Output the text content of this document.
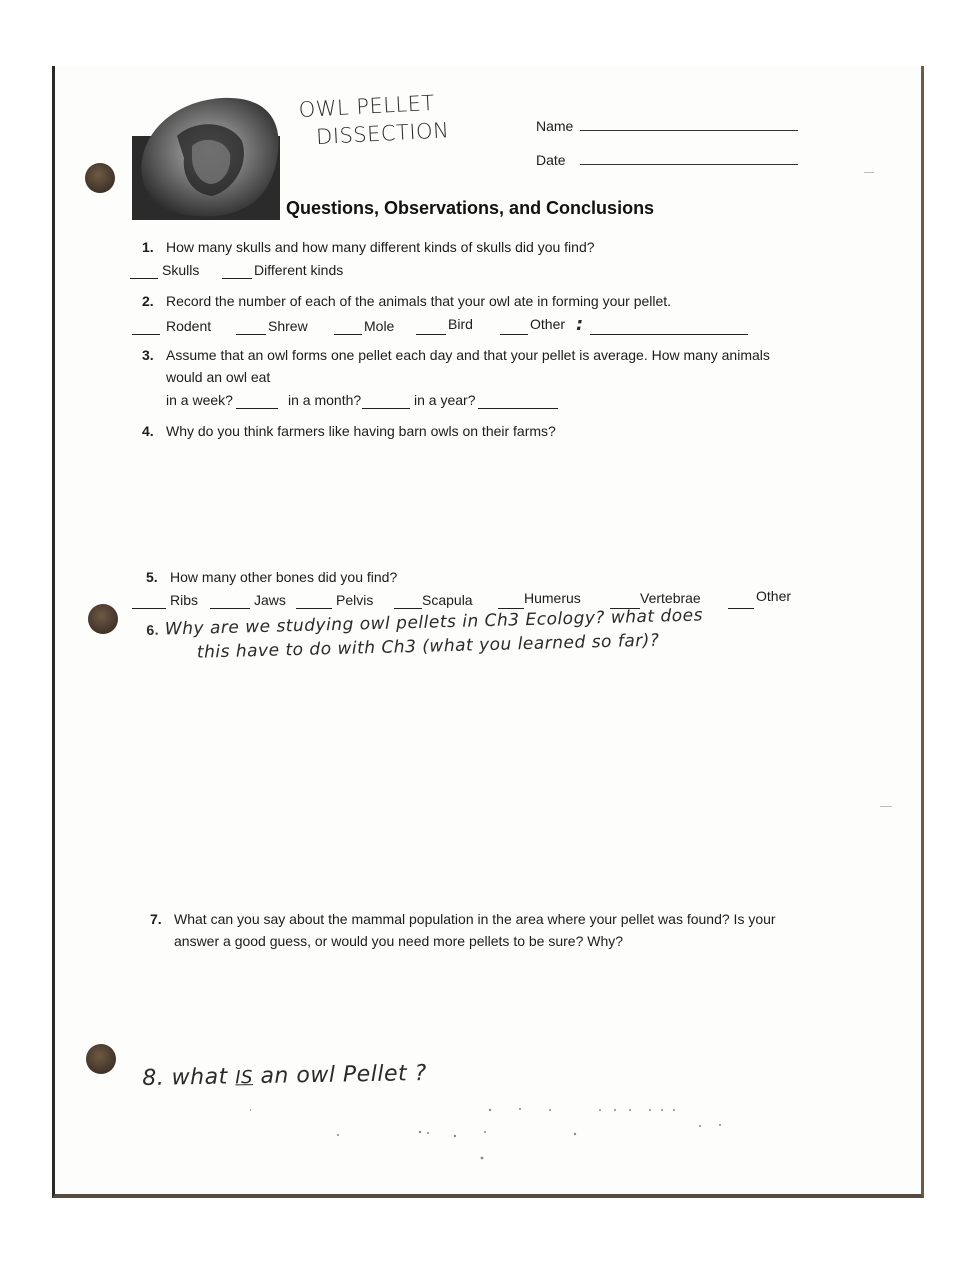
OWL PELLET
DISSECTION	Name
Date
Questions, Observations, and Conclusions
1. How many skulls and how many different kinds of skulls did you find?
Skulls	Different kinds
2. Record the number of each of the animals that your owl ate in forming your pellet.
Rodent	Shrew	Mole	Bird	Other :
3. Assume that an owl forms one pellet each day and that your pellet is average. How many animals
would an owl eat
in a week?	in a month?	in a year?
4. Why do you think farmers like having barn owls on their farms?
5. How many other bones did you find?
Ribs	Jaws	Pelvis	Scapula	Humerus	Vertebrae	Other
6. Why are we studying owl pellets in Ch3 Ecology? what does
this have to do with Ch3 (what you learned so far)?
7. What can you say about the mammal population in the area where your pellet was found? Is your
answer a good guess, or would you need more pellets to be sure? Why?
8. what IS an owl Pellet ?
